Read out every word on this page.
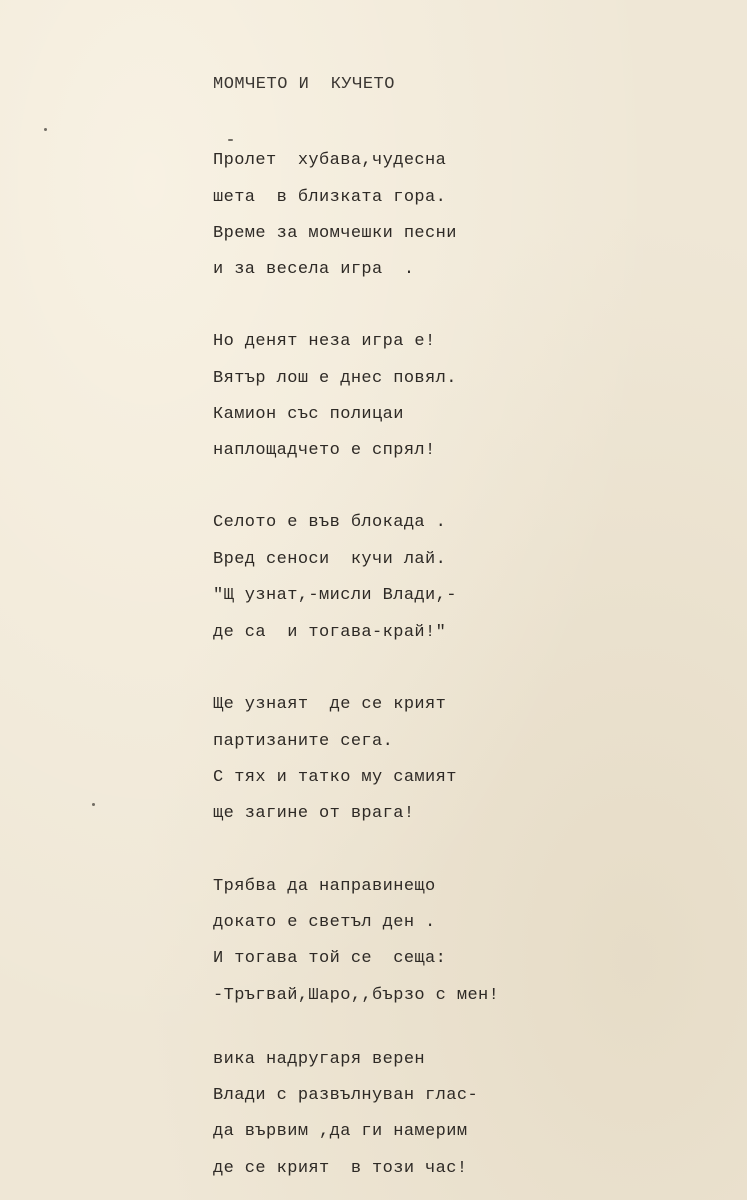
МОМЧЕТО И  КУЧЕТО
Пролет  хубава,чудесна
шета  в близката гора.
Време за момчешки песни
и за весела игра  .
Но денят неза игра е!
Вятър лош е днес повял.
Камион със полицаи
наплощадчето е спрял!
Селото е във блокада .
Вред сеноси  кучи лай.
"Щ узнат,-мисли Влади,-
де са  и тогава-край!"
Ще узнаят  де се крият
партизаните сега.
С тях и татко му самият
ще загине от врага!
Трябва да направинещо
докато е светъл ден .
И тогава той се  сеща:
-Тръгвай,Шаро,,бързо с мен!
вика надругаря верен
Влади с развълнуван глас-
да вървим ,да ги намерим
де се крият  в този час!
